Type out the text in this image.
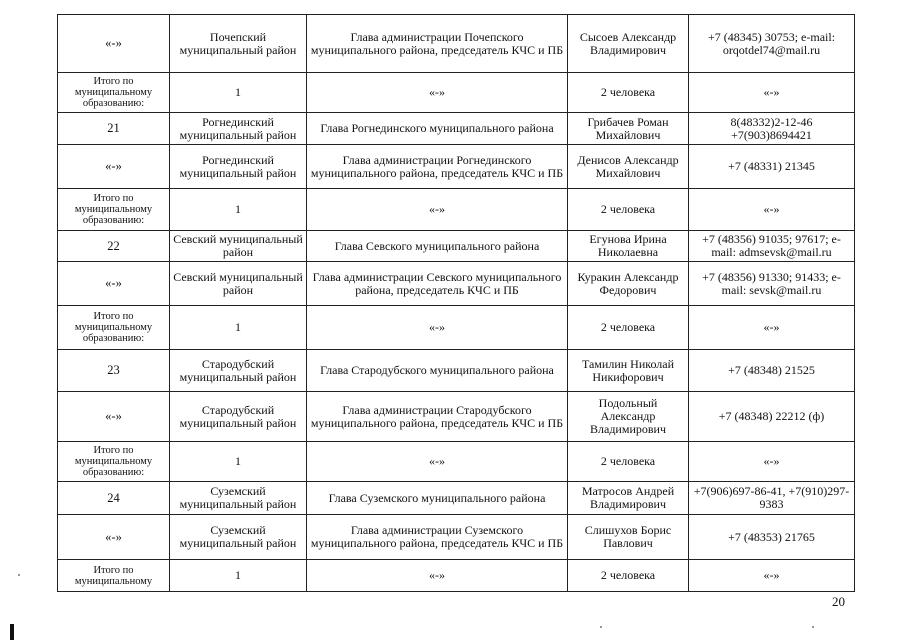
«-»	Почепский муниципальный район	Глава администрации Почепского муниципального района, председатель КЧС и ПБ	Сысоев Александр Владимирович	+7 (48345) 30753; e-mail: orqotdel74@mail.ru
Итого по муниципальному образованию:	1	«-»	2 человека	«-»
21	Рогнединский муниципальный район	Глава Рогнединского муниципального района	Грибачев Роман Михайлович	8(48332)2-12-46 +7(903)8694421
«-»	Рогнединский муниципальный район	Глава администрации Рогнединского муниципального района, председатель КЧС и ПБ	Денисов Александр Михайлович	+7 (48331) 21345
Итого по муниципальному образованию:	1	«-»	2 человека	«-»
22	Севский муниципальный район	Глава Севского муниципального района	Егунова Ирина Николаевна	+7 (48356) 91035; 97617; e-mail: admsevsk@mail.ru
«-»	Севский муниципальный район	Глава администрации Севского муниципального района, председатель КЧС и ПБ	Куракин Александр Федорович	+7 (48356) 91330; 91433; e-mail: sevsk@mail.ru
Итого по муниципальному образованию:	1	«-»	2 человека	«-»
23	Стародубский муниципальный район	Глава Стародубского муниципального района	Тамилин Николай Никифорович	+7 (48348) 21525
«-»	Стародубский муниципальный район	Глава администрации Стародубского муниципального района, председатель КЧС и ПБ	Подольный Александр Владимирович	+7 (48348) 22212 (ф)
Итого по муниципальному образованию:	1	«-»	2 человека	«-»
24	Суземский муниципальный район	Глава Суземского муниципального района	Матросов Андрей Владимирович	+7(906)697-86-41, +7(910)297-9383
«-»	Суземский муниципальный район	Глава администрации Суземского муниципального района, председатель КЧС и ПБ	Слишухов Борис Павлович	+7 (48353) 21765
Итого по муниципальному	1	«-»	2 человека	«-»
20
